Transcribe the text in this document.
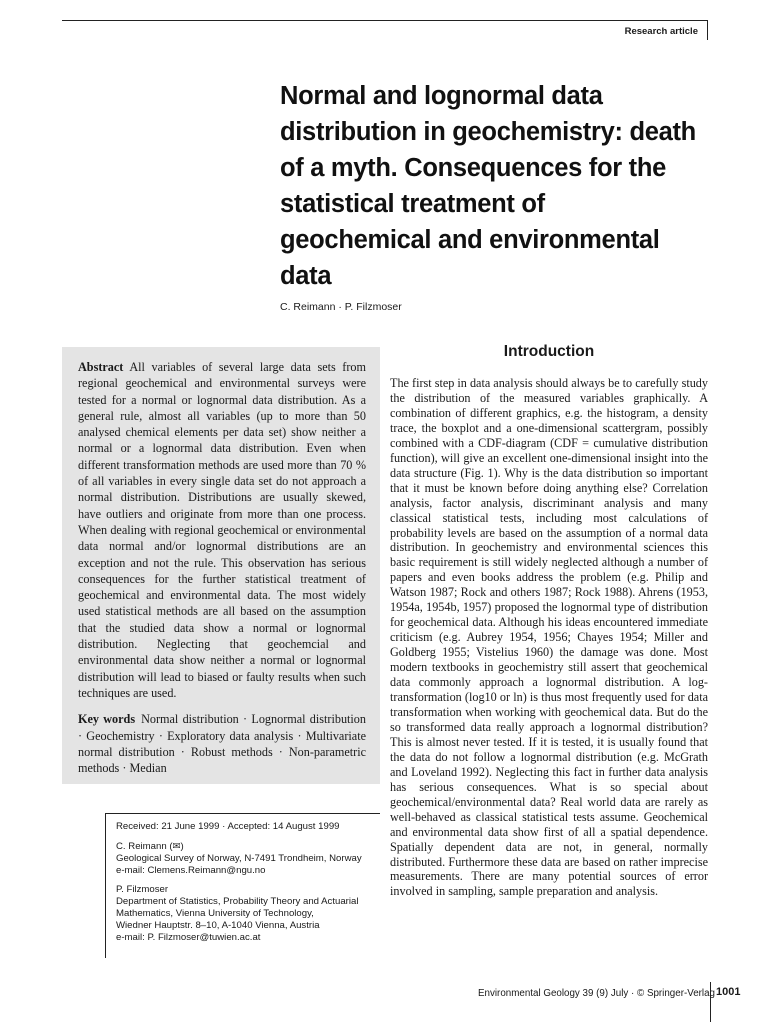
Research article
Normal and lognormal data distribution in geochemistry: death of a myth. Consequences for the statistical treatment of geochemical and environmental data
C. Reimann · P. Filzmoser

Abstract All variables of several large data sets from regional geochemical and environmental surveys were tested for a normal or lognormal data distribution. As a general rule, almost all variables (up to more than 50 analysed chemical elements per data set) show neither a normal or a lognormal data distribution. Even when different transformation methods are used more than 70 % of all variables in every single data set do not approach a normal distribution. Distributions are usually skewed, have outliers and originate from more than one process. When dealing with regional geochemical or environmental data normal and/or lognormal distributions are an exception and not the rule. This observation has serious consequences for the further statistical treatment of geochemical and environmental data. The most widely used statistical methods are all based on the assumption that the studied data show a normal or lognormal distribution. Neglecting that geochemcial and environmental data show neither a normal or lognormal distribution will lead to biased or faulty results when such techniques are used.

Key words Normal distribution · Lognormal distribution · Geochemistry · Exploratory data analysis · Multivariate normal distribution · Robust methods · Non-parametric methods · Median

Received: 21 June 1999 · Accepted: 14 August 1999
C. Reimann (✉)
Geological Survey of Norway, N-7491 Trondheim, Norway
e-mail: Clemens.Reimann@ngu.no
P. Filzmoser
Department of Statistics, Probability Theory and Actuarial
Mathematics, Vienna University of Technology,
Wiedner Hauptstr. 8–10, A-1040 Vienna, Austria
e-mail: P. Filzmoser@tuwien.ac.at
Introduction

The first step in data analysis should always be to carefully study the distribution of the measured variables graphically. A combination of different graphics, e.g. the histogram, a density trace, the boxplot and a one-dimensional scattergram, possibly combined with a CDF-diagram (CDF = cumulative distribution function), will give an excellent one-dimensional insight into the data structure (Fig. 1). Why is the data distribution so important that it must be known before doing anything else? Correlation analysis, factor analysis, discriminant analysis and many classical statistical tests, including most calculations of probability levels are based on the assumption of a normal data distribution. In geochemistry and environmental sciences this basic requirement is still widely neglected although a number of papers and even books address the problem (e.g. Philip and Watson 1987; Rock and others 1987; Rock 1988). Ahrens (1953, 1954a, 1954b, 1957) proposed the lognormal type of distribution for geochemical data. Although his ideas encountered immediate criticism (e.g. Aubrey 1954, 1956; Chayes 1954; Miller and Goldberg 1955; Vistelius 1960) the damage was done. Most modern textbooks in geochemistry still assert that geochemical data commonly approach a lognormal distribution. A log-transformation (log10 or ln) is thus most frequently used for data transformation when working with geochemical data. But do the so transformed data really approach a lognormal distribution? This is almost never tested. If it is tested, it is usually found that the data do not follow a lognormal distribution (e.g. McGrath and Loveland 1992). Neglecting this fact in further data analysis has serious consequences. What is so special about geochemical/environmental data? Real world data are rarely as well-behaved as classical statistical tests assume. Geochemical and environmental data show first of all a spatial dependence. Spatially dependent data are not, in general, normally distributed. Furthermore these data are based on rather imprecise measurements. There are many potential sources of error involved in sampling, sample preparation and analysis.

Environmental Geology 39 (9) July · © Springer-Verlag 1001
